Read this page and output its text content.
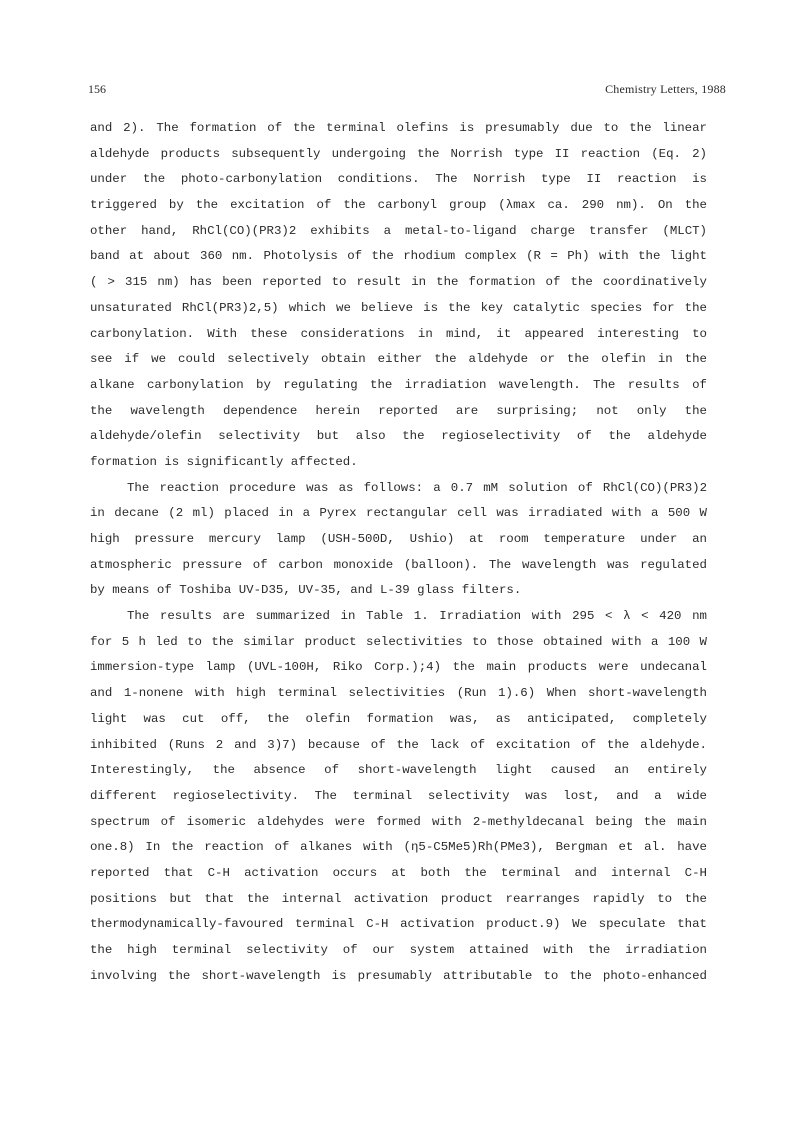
156	Chemistry Letters, 1988
and 2). The formation of the terminal olefins is presumably due to the linear
aldehyde products subsequently undergoing the Norrish type II reaction (Eq. 2)
under the photo-carbonylation conditions. The Norrish type II reaction is
triggered by the excitation of the carbonyl group (λmax ca. 290 nm). On the
other hand, RhCl(CO)(PR3)2 exhibits a metal-to-ligand charge transfer (MLCT)
band at about 360 nm. Photolysis of the rhodium complex (R = Ph) with the light
( > 315 nm) has been reported to result in the formation of the coordinatively
unsaturated RhCl(PR3)2,5) which we believe is the key catalytic species for the
carbonylation. With these considerations in mind, it appeared interesting to
see if we could selectively obtain either the aldehyde or the olefin in the
alkane carbonylation by regulating the irradiation wavelength. The results of
the wavelength dependence herein reported are surprising; not only the
aldehyde/olefin selectivity but also the regioselectivity of the aldehyde
formation is significantly affected.
The reaction procedure was as follows: a 0.7 mM solution of RhCl(CO)(PR3)2
in decane (2 ml) placed in a Pyrex rectangular cell was irradiated with a 500 W
high pressure mercury lamp (USH-500D, Ushio) at room temperature under an
atmospheric pressure of carbon monoxide (balloon). The wavelength was regulated
by means of Toshiba UV-D35, UV-35, and L-39 glass filters.
The results are summarized in Table 1. Irradiation with 295 < λ < 420 nm
for 5 h led to the similar product selectivities to those obtained with a 100 W
immersion-type lamp (UVL-100H, Riko Corp.);4) the main products were undecanal
and 1-nonene with high terminal selectivities (Run 1).6) When short-wavelength
light was cut off, the olefin formation was, as anticipated, completely
inhibited (Runs 2 and 3)7) because of the lack of excitation of the aldehyde.
Interestingly, the absence of short-wavelength light caused an entirely
different regioselectivity. The terminal selectivity was lost, and a wide
spectrum of isomeric aldehydes were formed with 2-methyldecanal being the main
one.8) In the reaction of alkanes with (η5-C5Me5)Rh(PMe3), Bergman et al. have
reported that C-H activation occurs at both the terminal and internal C-H
positions but that the internal activation product rearranges rapidly to the
thermodynamically-favoured terminal C-H activation product.9) We speculate that
the high terminal selectivity of our system attained with the irradiation
involving the short-wavelength is presumably attributable to the photo-enhanced
